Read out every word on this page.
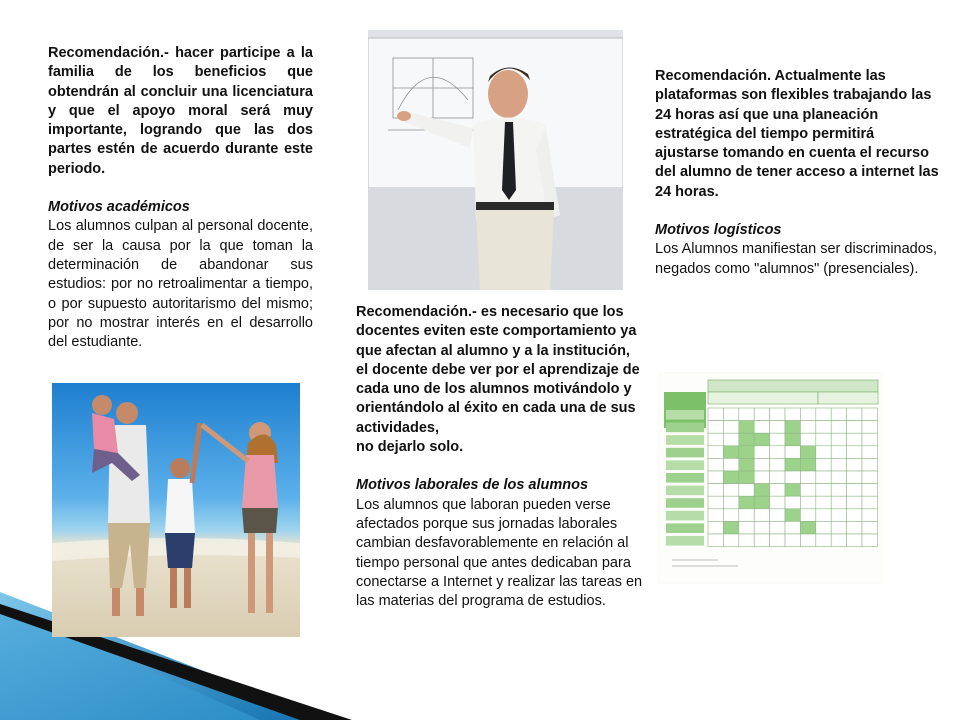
Recomendación.- hacer participe a la familia de los beneficios que obtendrán al concluir una licenciatura y que el apoyo moral será muy importante, logrando que las dos partes estén de acuerdo durante este periodo.

Motivos académicos

Los alumnos culpan al personal docente, de ser la causa por la que toman la determinación de abandonar sus estudios: por no retroalimentar a tiempo, o por supuesto autoritarismo del mismo; por no mostrar interés en el desarrollo del estudiante.

Recomendación.- es necesario que los docentes eviten este comportamiento ya que afectan al alumno y a la institución, el docente debe ver por el aprendizaje de cada uno de los alumnos motivándolo y orientándolo al éxito en cada una de sus actividades,

no dejarlo solo.

Motivos laborales de los alumnos

Los alumnos que laboran pueden verse afectados porque sus jornadas laborales cambian desfavorablemente en relación al tiempo personal que antes dedicaban para conectarse a Internet y realizar las tareas en las materias del programa de estudios.

Recomendación. Actualmente las plataformas son flexibles trabajando las 24 horas así que una planeación estratégica del tiempo permitirá ajustarse tomando en cuenta el recurso del alumno de tener acceso a internet las 24 horas.

Motivos logísticos

Los Alumnos manifiestan ser discriminados, negados como "alumnos" (presenciales).
